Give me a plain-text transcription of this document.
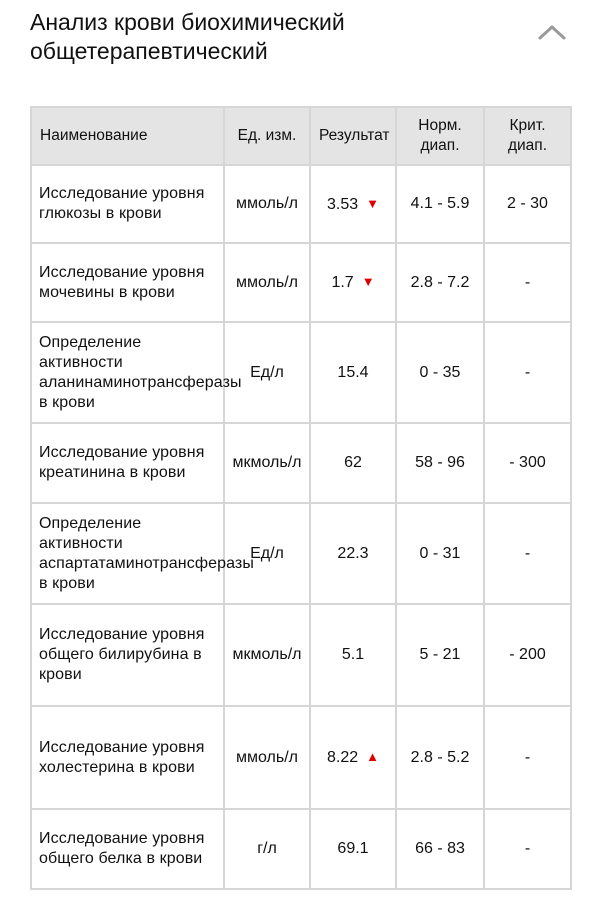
Анализ крови биохимический общетерапевтический
Наименование	Ед. изм.	Результат	Норм. диап.	Крит. диап.
Исследование уровня глюкозы в крови	ммоль/л	3.53 ▼	4.1 - 5.9	2 - 30
Исследование уровня мочевины в крови	ммоль/л	1.7 ▼	2.8 - 7.2	-
Определение активности аланинаминотрансферазы в крови	Ед/л	15.4	0 - 35	-
Исследование уровня креатинина в крови	мкмоль/л	62	58 - 96	- 300
Определение активности аспартатаминотрансферазы в крови	Ед/л	22.3	0 - 31	-
Исследование уровня общего билирубина в крови	мкмоль/л	5.1	5 - 21	- 200
Исследование уровня холестерина в крови	ммоль/л	8.22 ▲	2.8 - 5.2	-
Исследование уровня общего белка в крови	г/л	69.1	66 - 83	-
